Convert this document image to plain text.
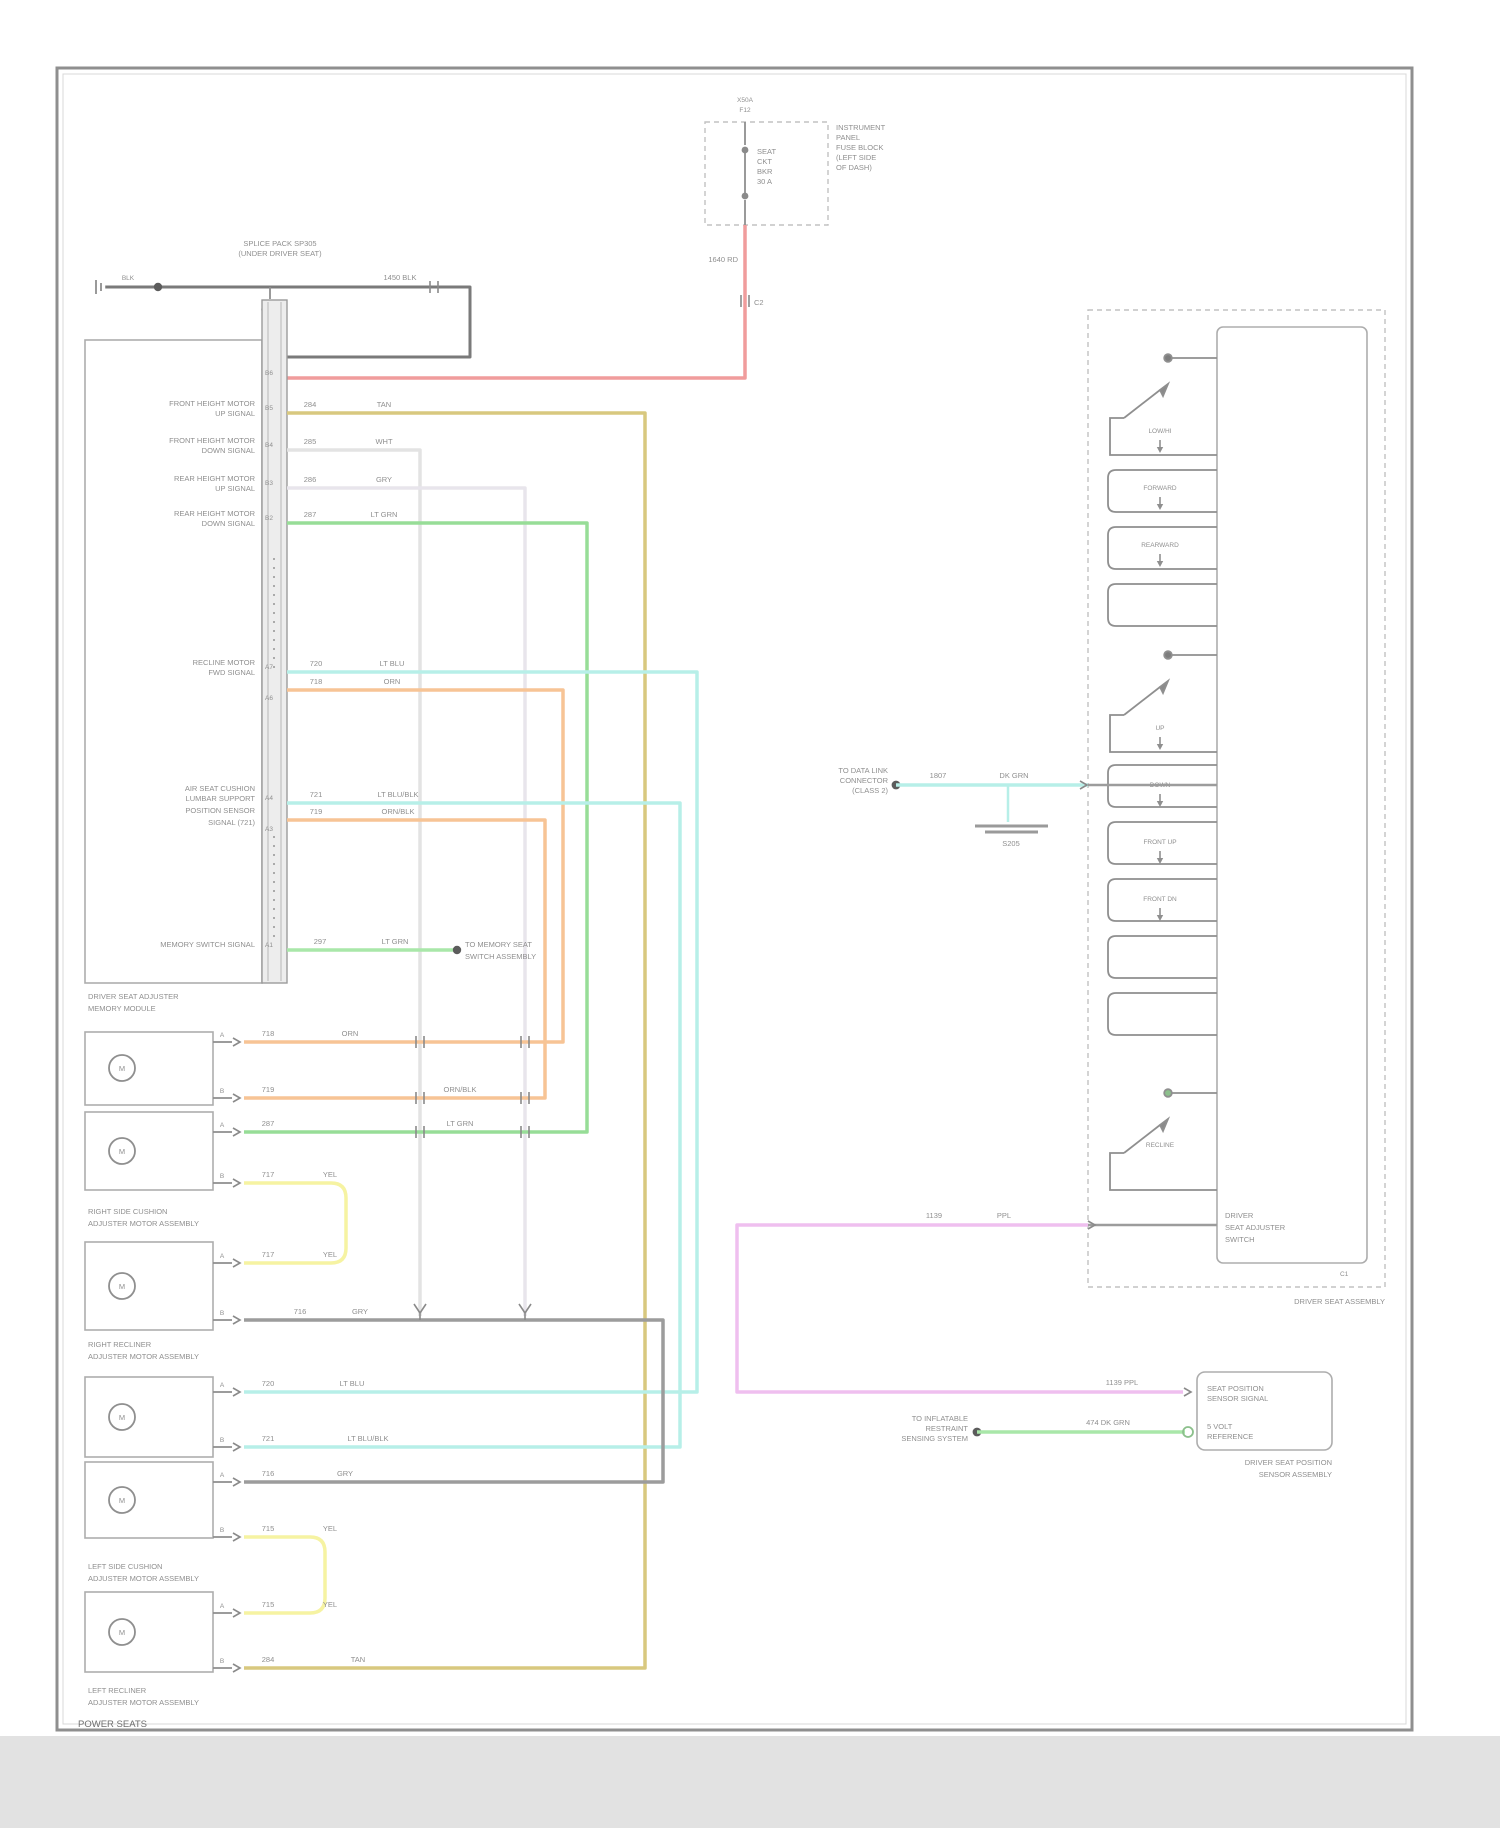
X50A
F12
SEAT
CKT
BKR
30 A
INSTRUMENT
PANEL
FUSE BLOCK
(LEFT SIDE
OF DASH)
1640 RD
C2
BLK
SPLICE PACK SP305
(UNDER DRIVER SEAT)
1450 BLK
DRIVER SEAT ADJUSTER
MEMORY MODULE
B6
B5
B4
B3
B2
A7
A6
A4
A3
A1
FRONT HEIGHT MOTOR
UP SIGNAL
FRONT HEIGHT MOTOR
DOWN SIGNAL
REAR HEIGHT MOTOR
UP SIGNAL
REAR HEIGHT MOTOR
DOWN SIGNAL
RECLINE MOTOR
FWD SIGNAL
AIR SEAT CUSHION
LUMBAR SUPPORT
POSITION SENSOR
SIGNAL (721)
MEMORY SWITCH SIGNAL	TO MEMORY SEAT
SWITCH ASSEMBLY
284	TAN
285	WHT
286	GRY
287	LT GRN
720	LT BLU
718	ORN
721	LT BLU/BLK
719	ORN/BLK
297	LT GRN
M
M
M
M
M
M
A
B
A
B
A
B
A
B
A
B
A
B
718	ORN
719	ORN/BLK
287	LT GRN
717	YEL
717	YEL
716	GRY
720	LT BLU
721	LT BLU/BLK
716	GRY
715	YEL
715	YEL
284	TAN
RIGHT SIDE CUSHION
ADJUSTER MOTOR ASSEMBLY
RIGHT RECLINER
ADJUSTER MOTOR ASSEMBLY
LEFT SIDE CUSHION
ADJUSTER MOTOR ASSEMBLY
LEFT RECLINER
ADJUSTER MOTOR ASSEMBLY
DRIVER
SEAT ADJUSTER
SWITCH
C1
DRIVER SEAT ASSEMBLY
LOW/HI
FORWARD
REARWARD
UP
DOWN
FRONT UP
FRONT DN
RECLINE
TO DATA LINK
CONNECTOR
(CLASS 2)
1807	DK GRN
S205
1139	PPL
1139 PPL
TO INFLATABLE
RESTRAINT
SENSING SYSTEM
474 DK GRN
SEAT POSITION
SENSOR SIGNAL
5 VOLT
REFERENCE
DRIVER SEAT POSITION
SENSOR ASSEMBLY
POWER SEATS
